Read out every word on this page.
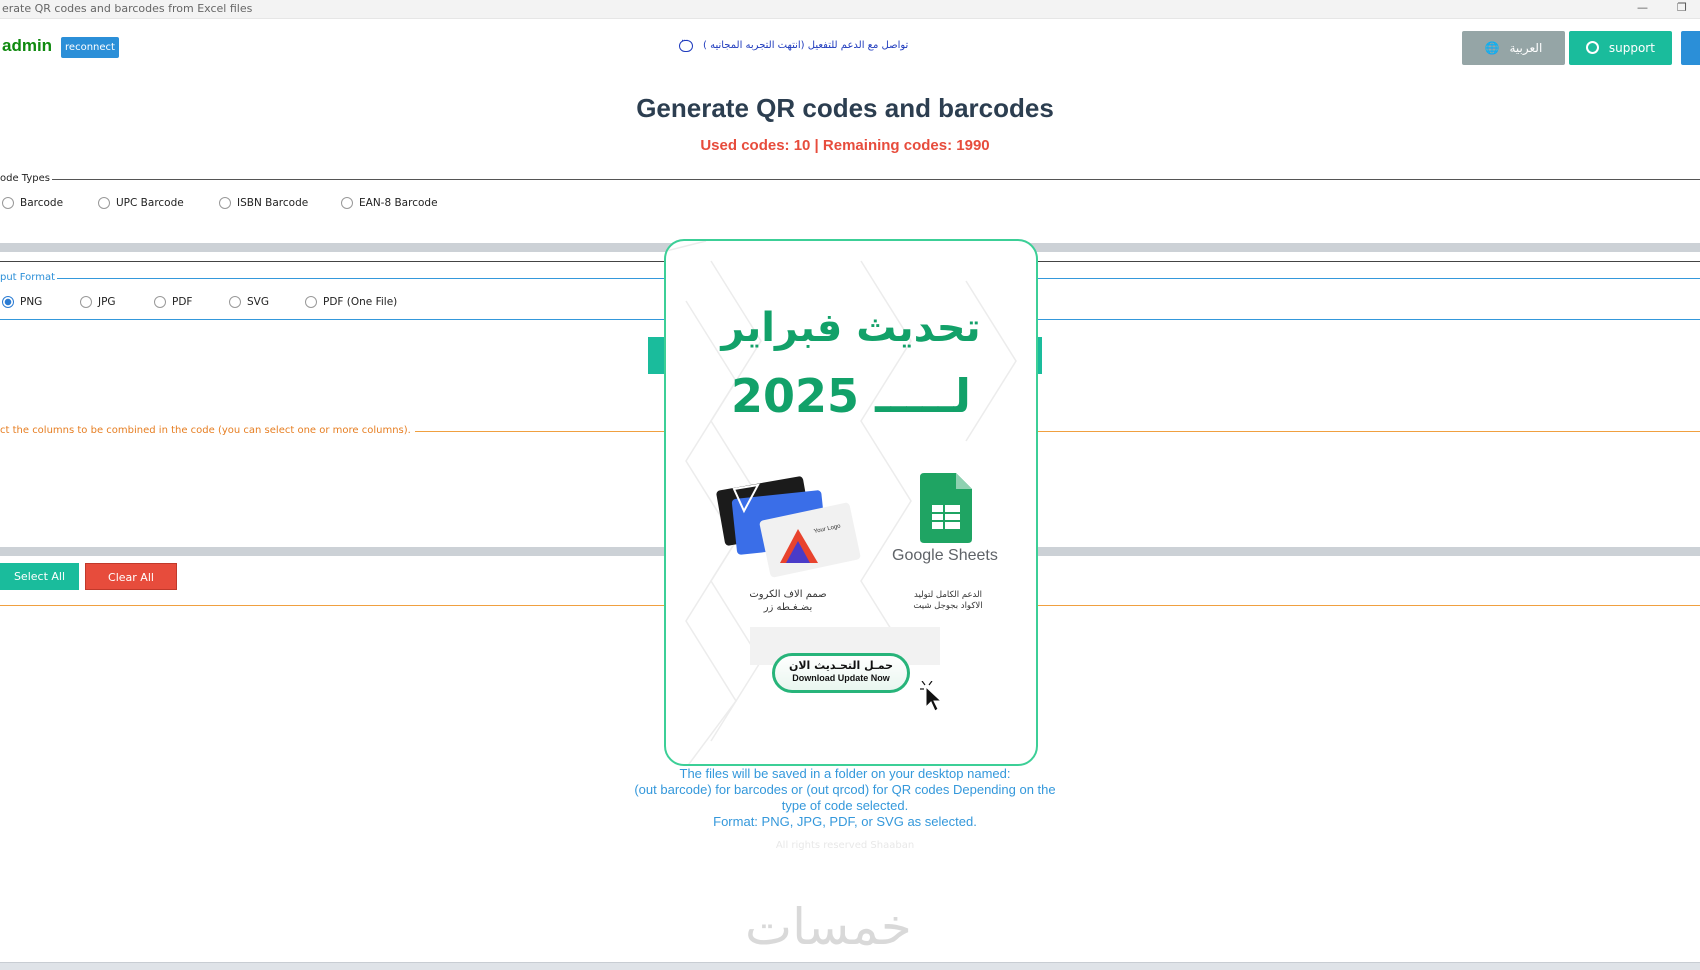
erate QR codes and barcodes from Excel files	—	❐
admin	reconnect
···	تواصل مع الدعم للتفعيل (انتهت التجربه المجانيه )	🌐 العربية	support
Generate QR codes and barcodes
Used codes: 10 | Remaining codes: 1990
ode Types
Barcode	UPC Barcode	ISBN Barcode	EAN-8 Barcode
put Format
PNG	JPG	PDF	SVG	PDF (One File)
ct the columns to be combined in the code (you can select one or more columns).
Select All	Clear All
The files will be saved in a folder on your desktop named:
(out barcode) for barcodes or (out qrcod) for QR codes Depending on the
type of code selected.
Format: PNG, JPG, PDF, or SVG as selected.
All rights reserved Shaaban
خمسات
تحديث فبراير
لـــــ 2025
Your Logo
Google Sheets
صمم الاف الكروت
بضـغـطه زر
الدعم الكامل لتوليد
الاكواد بجوجل شيت
حمـل التحـديث الان
Download Update Now
